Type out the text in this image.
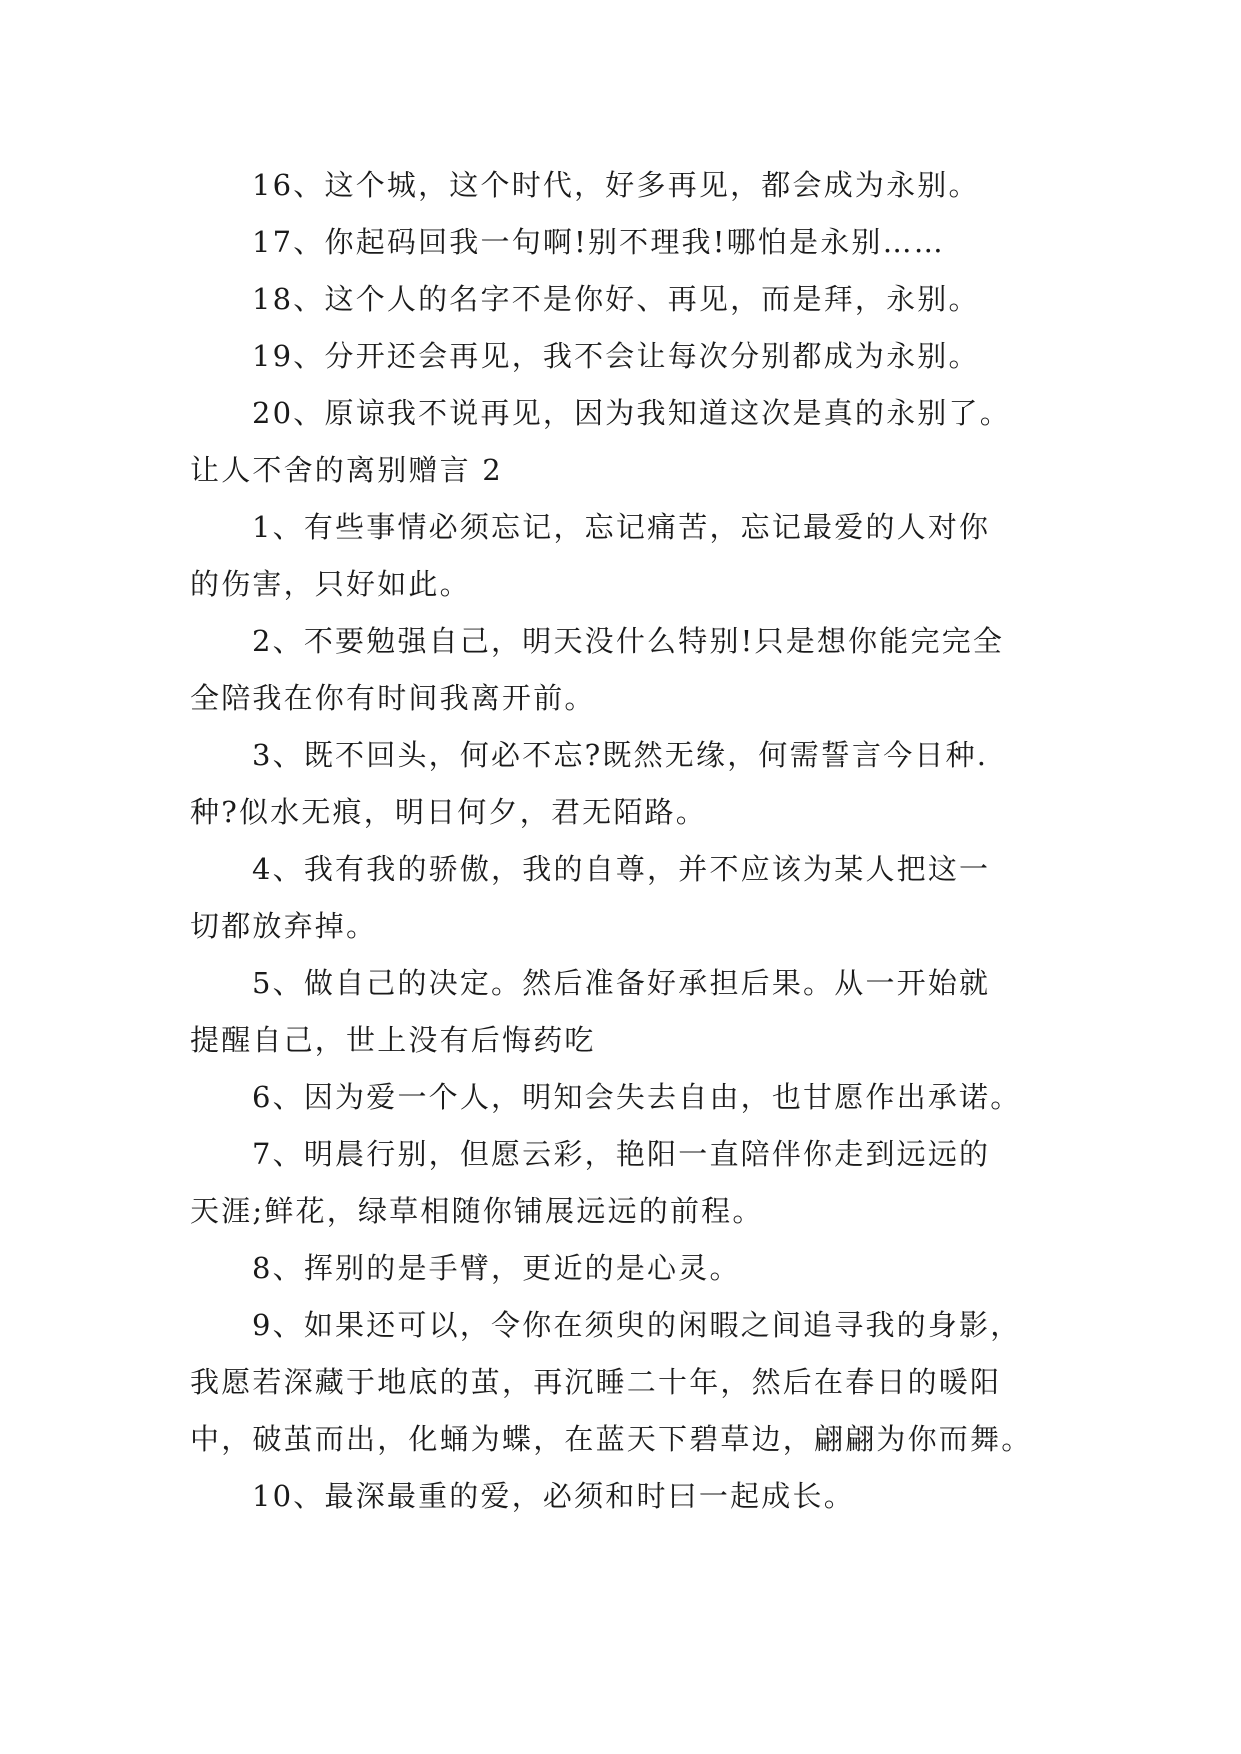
16、这个城，这个时代，好多再见，都会成为永别。
17、你起码回我一句啊!别不理我!哪怕是永别……
18、这个人的名字不是你好、再见，而是拜，永别。
19、分开还会再见，我不会让每次分别都成为永别。
20、原谅我不说再见，因为我知道这次是真的永别了。
让人不舍的离别赠言 2
1、有些事情必须忘记，忘记痛苦，忘记最爱的人对你
的伤害，只好如此。
2、不要勉强自己，明天没什么特别!只是想你能完完全
全陪我在你有时间我离开前。
3、既不回头，何必不忘?既然无缘，何需誓言今日种.
种?似水无痕，明日何夕，君无陌路。
4、我有我的骄傲，我的自尊，并不应该为某人把这一
切都放弃掉。
5、做自己的决定。然后准备好承担后果。从一开始就
提醒自己，世上没有后悔药吃
6、因为爱一个人，明知会失去自由，也甘愿作出承诺。
7、明晨行别，但愿云彩，艳阳一直陪伴你走到远远的
天涯;鲜花，绿草相随你铺展远远的前程。
8、挥别的是手臂，更近的是心灵。
9、如果还可以，令你在须臾的闲暇之间追寻我的身影，
我愿若深藏于地底的茧，再沉睡二十年，然后在春日的暖阳
中，破茧而出，化蛹为蝶，在蓝天下碧草边，翩翩为你而舞。
10、最深最重的爱，必须和时曰一起成长。
